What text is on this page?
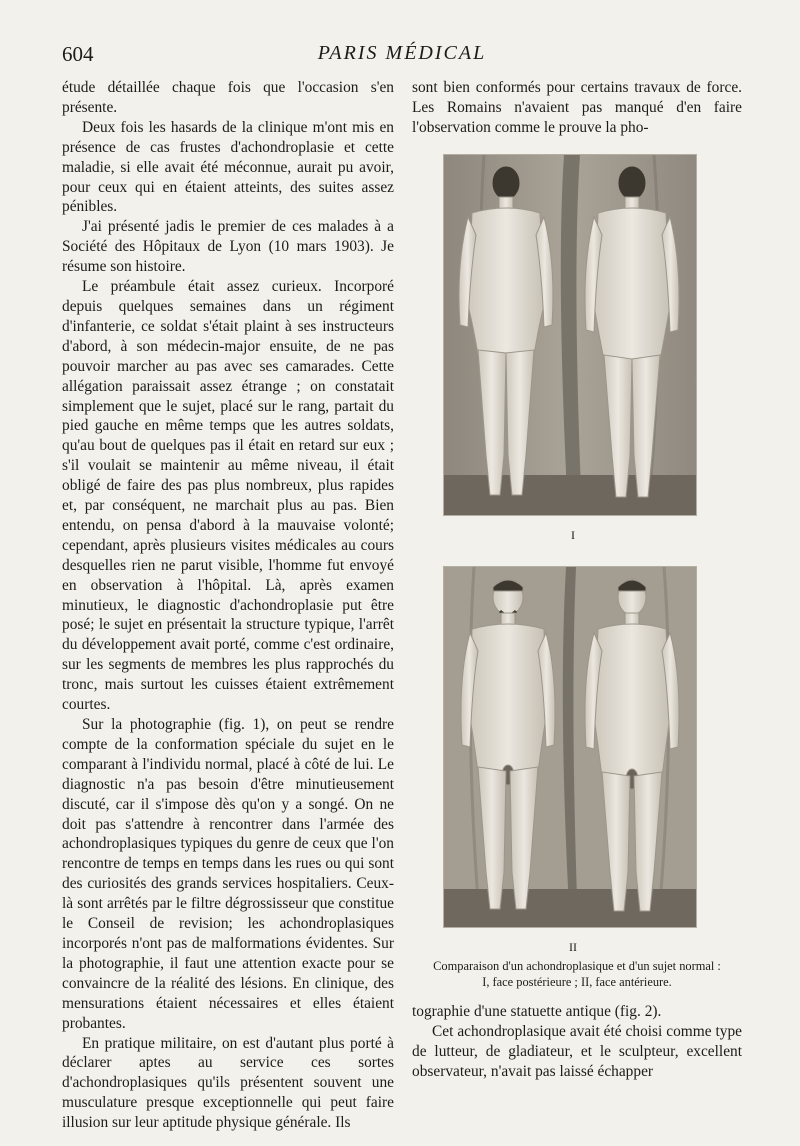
604	PARIS MÉDICAL

étude détaillée chaque fois que l'occasion s'en présente.

Deux fois les hasards de la clinique m'ont mis en présence de cas frustes d'achondroplasie et cette maladie, si elle avait été méconnue, aurait pu avoir, pour ceux qui en étaient atteints, des suites assez pénibles.

J'ai présenté jadis le premier de ces malades à a Société des Hôpitaux de Lyon (10 mars 1903). Je résume son histoire.

Le préambule était assez curieux. Incorporé depuis quelques semaines dans un régiment d'infanterie, ce soldat s'était plaint à ses instructeurs d'abord, à son médecin-major ensuite, de ne pas pouvoir marcher au pas avec ses camarades. Cette allégation paraissait assez étrange ; on constatait simplement que le sujet, placé sur le rang, partait du pied gauche en même temps que les autres soldats, qu'au bout de quelques pas il était en retard sur eux ; s'il voulait se maintenir au même niveau, il était obligé de faire des pas plus nombreux, plus rapides et, par conséquent, ne marchait plus au pas. Bien entendu, on pensa d'abord à la mauvaise volonté; cependant, après plusieurs visites médicales au cours desquelles rien ne parut visible, l'homme fut envoyé en observation à l'hôpital. Là, après examen minutieux, le diagnostic d'achondroplasie put être posé; le sujet en présentait la structure typique, l'arrêt du développement avait porté, comme c'est ordinaire, sur les segments de membres les plus rapprochés du tronc, mais surtout les cuisses étaient extrêmement courtes.

Sur la photographie (fig. 1), on peut se rendre compte de la conformation spéciale du sujet en le comparant à l'individu normal, placé à côté de lui. Le diagnostic n'a pas besoin d'être minutieusement discuté, car il s'impose dès qu'on y a songé. On ne doit pas s'attendre à rencontrer dans l'armée des achondroplasiques typiques du genre de ceux que l'on rencontre de temps en temps dans les rues ou qui sont des curiosités des grands services hospitaliers. Ceux-là sont arrêtés par le filtre dégrossisseur que constitue le Conseil de revision; les achondroplasiques incorporés n'ont pas de malformations évidentes. Sur la photographie, il faut une attention exacte pour se convaincre de la réalité des lésions. En clinique, des mensurations étaient nécessaires et elles étaient probantes.

En pratique militaire, on est d'autant plus porté à déclarer aptes au service ces sortes d'achondroplasiques qu'ils présentent souvent une musculature presque exceptionnelle qui peut faire illusion sur leur aptitude physique générale. Ils

sont bien conformés pour certains travaux de force. Les Romains n'avaient pas manqué d'en faire l'observation comme le prouve la pho-

I
II
Comparaison d'un achondroplasique et d'un sujet normal :
I, face postérieure ; II, face antérieure.

tographie d'une statuette antique (fig. 2).

Cet achondroplasique avait été choisi comme type de lutteur, de gladiateur, et le sculpteur, excellent observateur, n'avait pas laissé échapper
